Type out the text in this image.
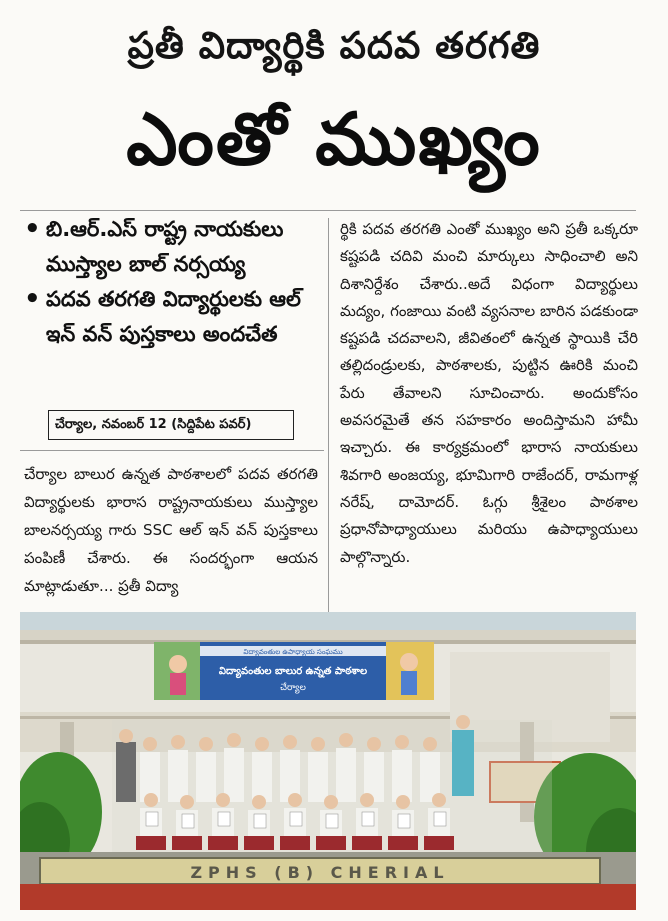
ప్రతీ విద్యార్థికి పదవ తరగతి
ఎంతో ముఖ్యం
• బి.ఆర్.ఎస్ రాష్ట్ర నాయకులు ముస్త్యాల బాల్ నర్సయ్య
• పదవ తరగతి విద్యార్థులకు ఆల్ ఇన్ వన్ పుస్తకాలు అందచేత
చేర్యాల, నవంబర్ 12 (సిద్దిపేట పవర్)
చేర్యాల బాలుర ఉన్నత పాఠశాలలో పదవ తరగతి విద్యార్థులకు భారాస రాష్ట్రనాయకులు ముస్త్యాల బాలనర్సయ్య గారు SSC ఆల్ ఇన్ వన్ పుస్తకాలు పంపిణీ చేశారు. ఈ సందర్భంగా ఆయన మాట్లాడుతూ... ప్రతీ విద్యా
ర్థికి పదవ తరగతి ఎంతో ముఖ్యం అని ప్రతీ ఒక్కరూ కష్టపడి చదివి మంచి మార్కులు సాధించాలి అని దిశానిర్దేశం చేశారు..అదే విధంగా విద్యార్థులు మద్యం, గంజాయి వంటి వ్యసనాల బారిన పడకుండా కష్టపడి చదవాలని, జీవితంలో ఉన్నత స్థాయికి చేరి తల్లిదండ్రులకు, పాఠశాలకు, పుట్టిన ఊరికి మంచి పేరు తేవాలని సూచించారు. అందుకోసం అవసరమైతే తన సహకారం అందిస్తామని హామీ ఇచ్చారు. ఈ కార్యక్రమంలో భారాస నాయకులు శివగారి అంజయ్య, భూమిగారి రాజేందర్, రామగాళ్ల నరేష్, దామోదర్. ఓగ్గు శ్రీశైలం పాఠశాల ప్రధానోపాధ్యాయులు మరియు ఉపాధ్యాయులు పాల్గొన్నారు.
విద్యావంతుల ఉపాధ్యాయ సంఘము
విద్యావంతుల బాలుర ఉన్నత పాఠశాల
చేర్యాల
ZPHS (B) CHERIAL
